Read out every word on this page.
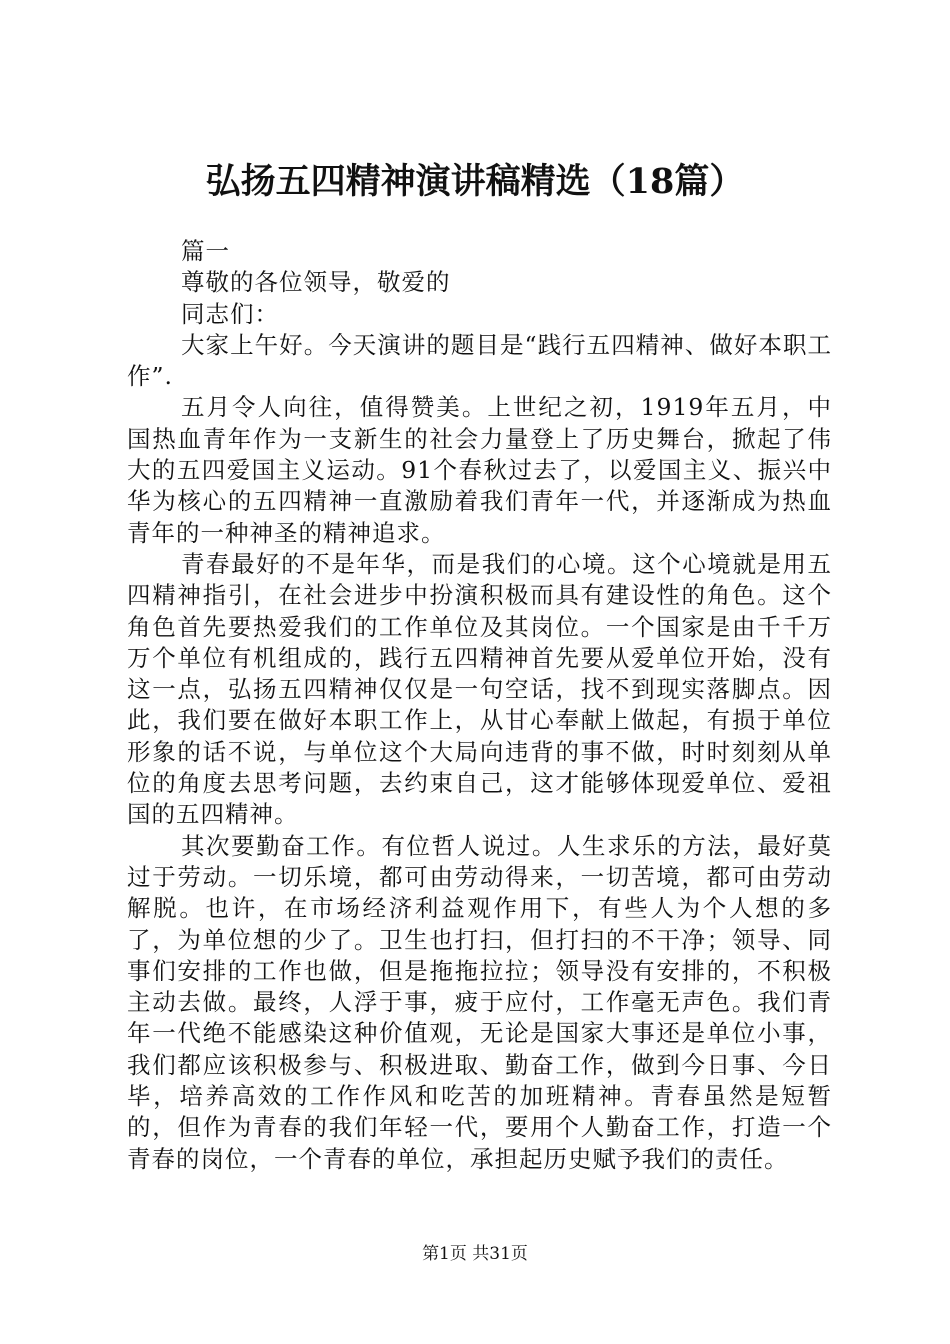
弘扬五四精神演讲稿精选（18篇）

篇一

尊敬的各位领导，敬爱的

同志们：

大家上午好。今天演讲的题目是“践行五四精神、做好本职工作”.

五月令人向往，值得赞美。上世纪之初，1919年五月，中国热血青年作为一支新生的社会力量登上了历史舞台，掀起了伟大的五四爱国主义运动。91个春秋过去了，以爱国主义、振兴中华为核心的五四精神一直激励着我们青年一代，并逐渐成为热血青年的一种神圣的精神追求。

青春最好的不是年华，而是我们的心境。这个心境就是用五四精神指引，在社会进步中扮演积极而具有建设性的角色。这个角色首先要热爱我们的工作单位及其岗位。一个国家是由千千万万个单位有机组成的，践行五四精神首先要从爱单位开始，没有这一点，弘扬五四精神仅仅是一句空话，找不到现实落脚点。因此，我们要在做好本职工作上，从甘心奉献上做起，有损于单位形象的话不说，与单位这个大局向违背的事不做，时时刻刻从单位的角度去思考问题，去约束自己，这才能够体现爱单位、爱祖国的五四精神。

其次要勤奋工作。有位哲人说过。人生求乐的方法，最好莫过于劳动。一切乐境，都可由劳动得来，一切苦境，都可由劳动解脱。也许，在市场经济利益观作用下，有些人为个人想的多了，为单位想的少了。卫生也打扫，但打扫的不干净；领导、同事们安排的工作也做，但是拖拖拉拉；领导没有安排的，不积极主动去做。最终，人浮于事，疲于应付，工作毫无声色。我们青年一代绝不能感染这种价值观，无论是国家大事还是单位小事，我们都应该积极参与、积极进取、勤奋工作，做到今日事、今日毕，培养高效的工作作风和吃苦的加班精神。青春虽然是短暂的，但作为青春的我们年轻一代，要用个人勤奋工作，打造一个青春的岗位，一个青春的单位，承担起历史赋予我们的责任。

第1页 共31页
